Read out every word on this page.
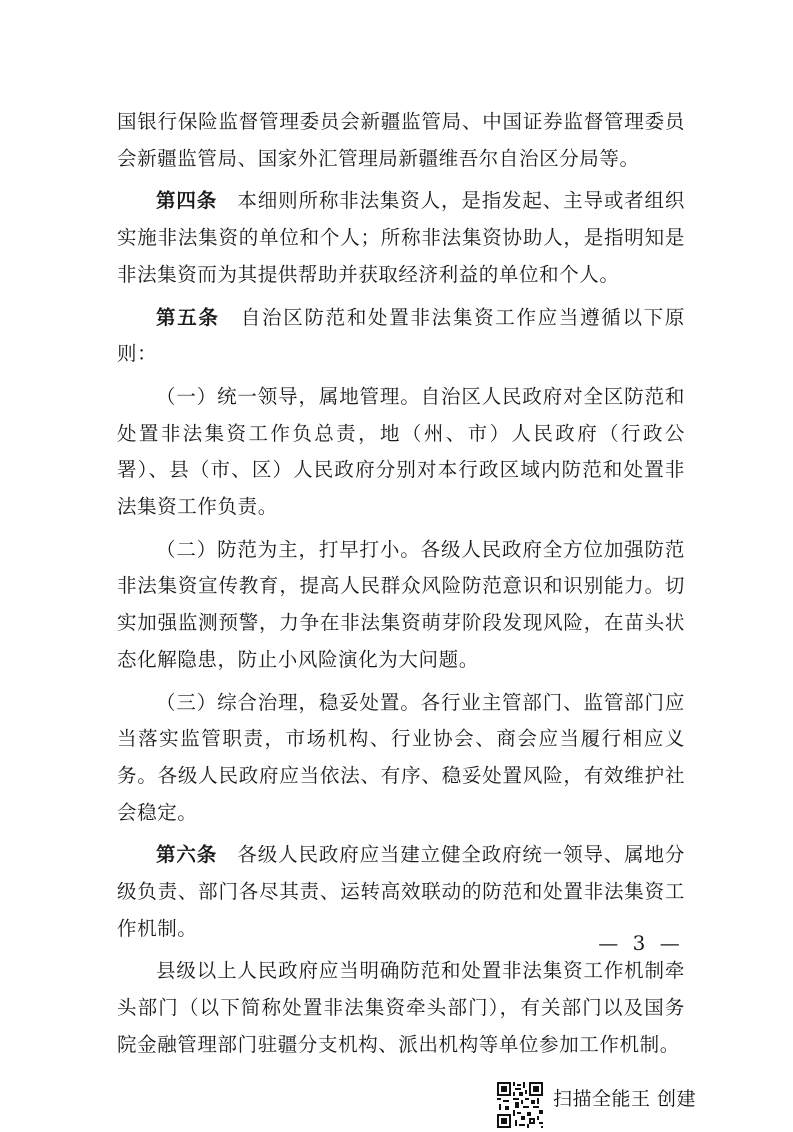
国银行保险监督管理委员会新疆监管局、中国证券监督管理委员会新疆监管局、国家外汇管理局新疆维吾尔自治区分局等。

第四条　本细则所称非法集资人，是指发起、主导或者组织实施非法集资的单位和个人；所称非法集资协助人，是指明知是非法集资而为其提供帮助并获取经济利益的单位和个人。

第五条　自治区防范和处置非法集资工作应当遵循以下原则：

（一）统一领导，属地管理。自治区人民政府对全区防范和处置非法集资工作负总责，地（州、市）人民政府（行政公署）、县（市、区）人民政府分别对本行政区域内防范和处置非法集资工作负责。

（二）防范为主，打早打小。各级人民政府全方位加强防范非法集资宣传教育，提高人民群众风险防范意识和识别能力。切实加强监测预警，力争在非法集资萌芽阶段发现风险，在苗头状态化解隐患，防止小风险演化为大问题。

（三）综合治理，稳妥处置。各行业主管部门、监管部门应当落实监管职责，市场机构、行业协会、商会应当履行相应义务。各级人民政府应当依法、有序、稳妥处置风险，有效维护社会稳定。

第六条　各级人民政府应当建立健全政府统一领导、属地分级负责、部门各尽其责、运转高效联动的防范和处置非法集资工作机制。

县级以上人民政府应当明确防范和处置非法集资工作机制牵头部门（以下简称处置非法集资牵头部门），有关部门以及国务院金融管理部门驻疆分支机构、派出机构等单位参加工作机制。

— 3 —
扫描全能王 创建
